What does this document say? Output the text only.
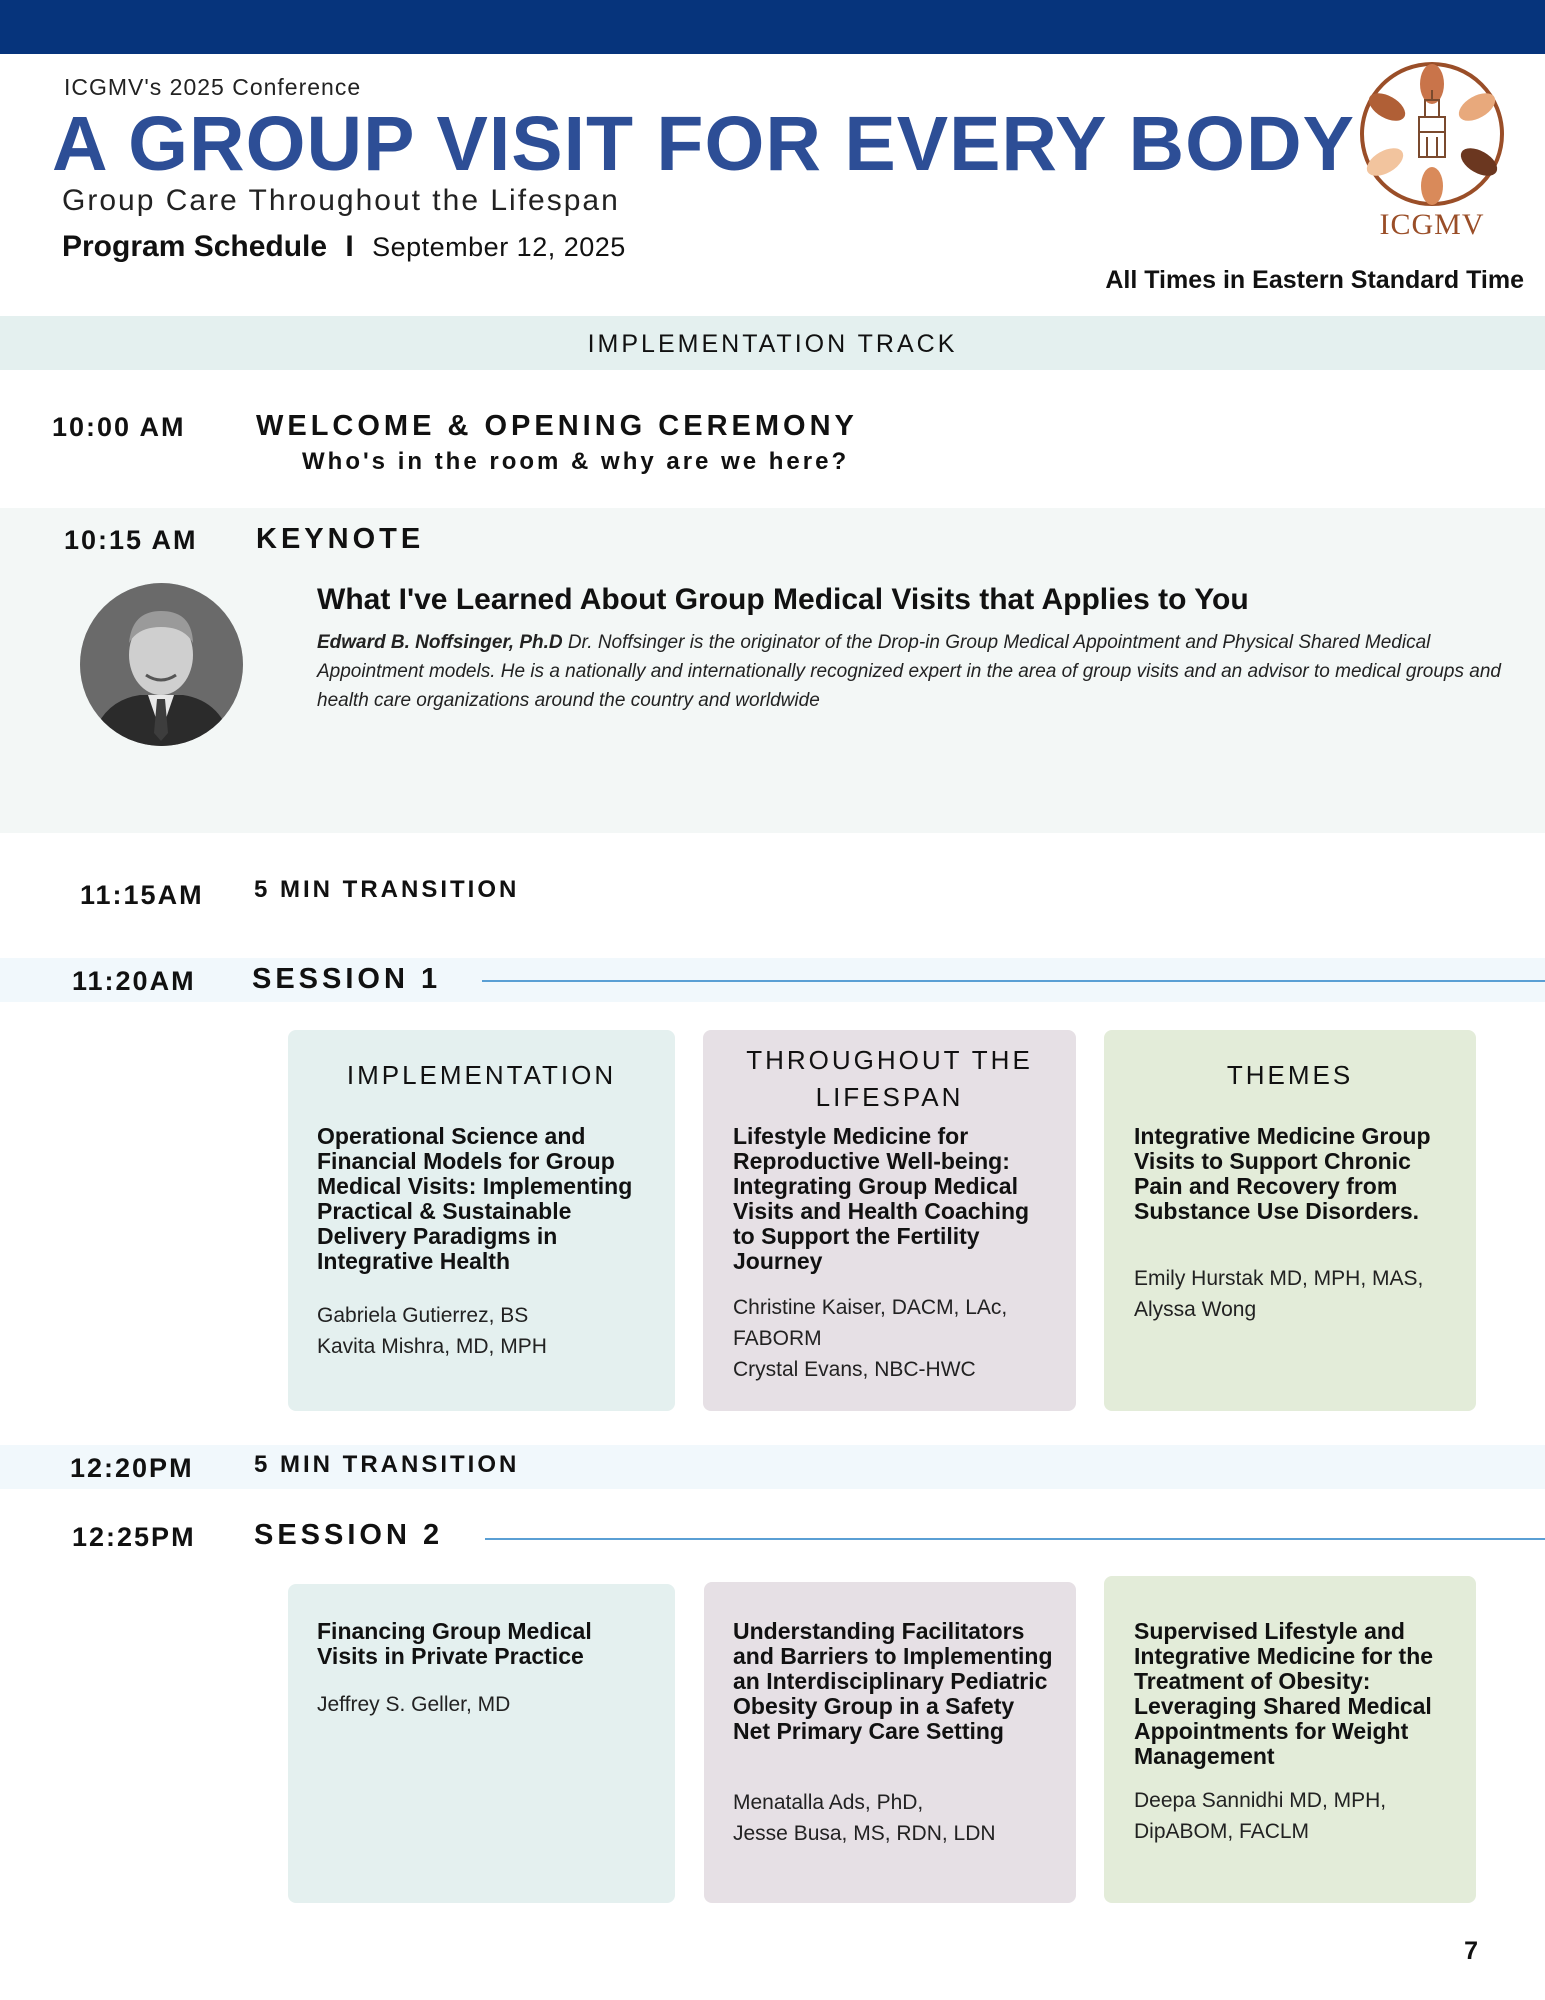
ICGMV's 2025 Conference
A GROUP VISIT FOR EVERY BODY
Group Care Throughout the Lifespan
Program Schedule I September 12, 2025
All Times in Eastern Standard Time
ICGMV
IMPLEMENTATION TRACK
10:00 AM WELCOME & OPENING CEREMONY
Who's in the room & why are we here?
10:15 AM KEYNOTE
What I've Learned About Group Medical Visits that Applies to You
Edward B. Noffsinger, Ph.D Dr. Noffsinger is the originator of the Drop-in Group Medical Appointment and Physical Shared Medical Appointment models. He is a nationally and internationally recognized expert in the area of group visits and an advisor to medical groups and health care organizations around the country and worldwide
11:15AM 5 MIN TRANSITION
11:20AM SESSION 1
IMPLEMENTATION
Operational Science and Financial Models for Group Medical Visits: Implementing Practical & Sustainable Delivery Paradigms in Integrative Health
Gabriela Gutierrez, BS
Kavita Mishra, MD, MPH
THROUGHOUT THE LIFESPAN
Lifestyle Medicine for Reproductive Well-being: Integrating Group Medical Visits and Health Coaching to Support the Fertility Journey
Christine Kaiser, DACM, LAc, FABORM
Crystal Evans, NBC-HWC
THEMES
Integrative Medicine Group Visits to Support Chronic Pain and Recovery from Substance Use Disorders.
Emily Hurstak MD, MPH, MAS, Alyssa Wong
12:20PM	5 MIN TRANSITION
12:25PM SESSION 2
Financing Group Medical Visits in Private Practice
Jeffrey S. Geller, MD
Understanding Facilitators and Barriers to Implementing an Interdisciplinary Pediatric Obesity Group in a Safety Net Primary Care Setting
Menatalla Ads, PhD,
Jesse Busa, MS, RDN, LDN
Supervised Lifestyle and Integrative Medicine for the Treatment of Obesity: Leveraging Shared Medical Appointments for Weight Management
Deepa Sannidhi MD, MPH, DipABOM, FACLM
7
